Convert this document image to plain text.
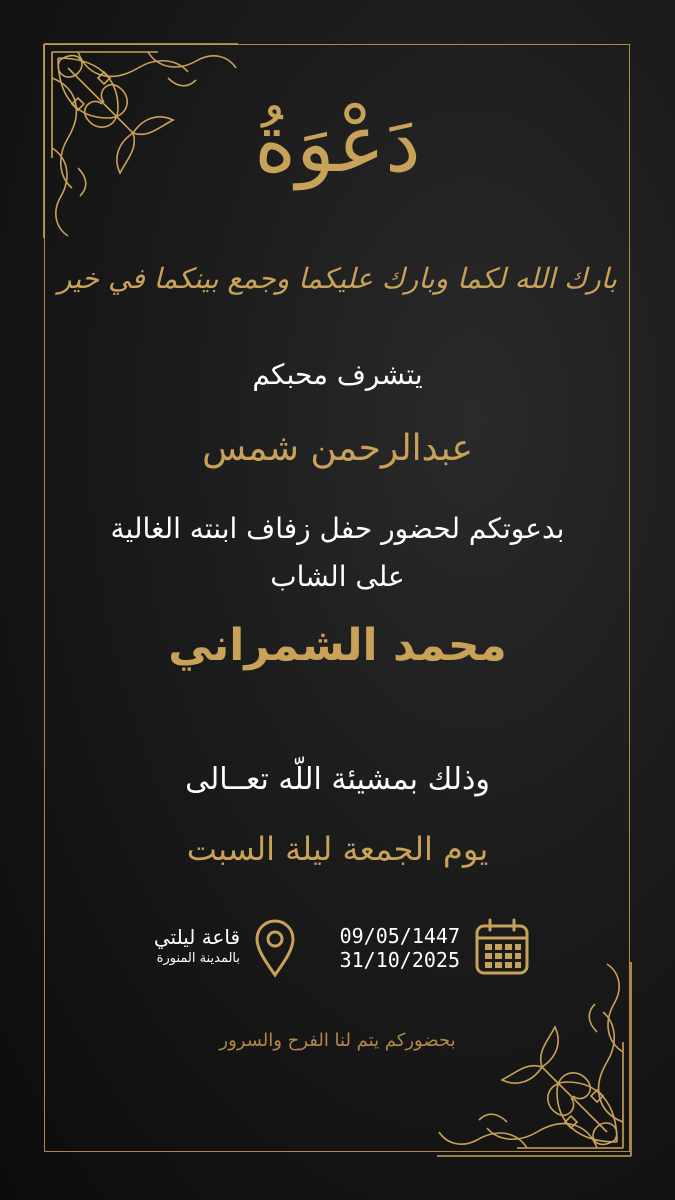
دَعْوَةُ
بارك الله لكما وبارك عليكما وجمع بينكما في خير
يتشرف محبكم
عبدالرحمن شمس
بدعوتكم لحضور حفل زفاف ابنته الغالية
على الشاب
محمد الشمراني
وذلك بمشيئة اللّه تعــالى
يوم الجمعة ليلة السبت
09/05/1447
31/10/2025
قاعة ليلتي
بالمدينة المنورة
بحضوركم يتم لنا الفرح والسرور
